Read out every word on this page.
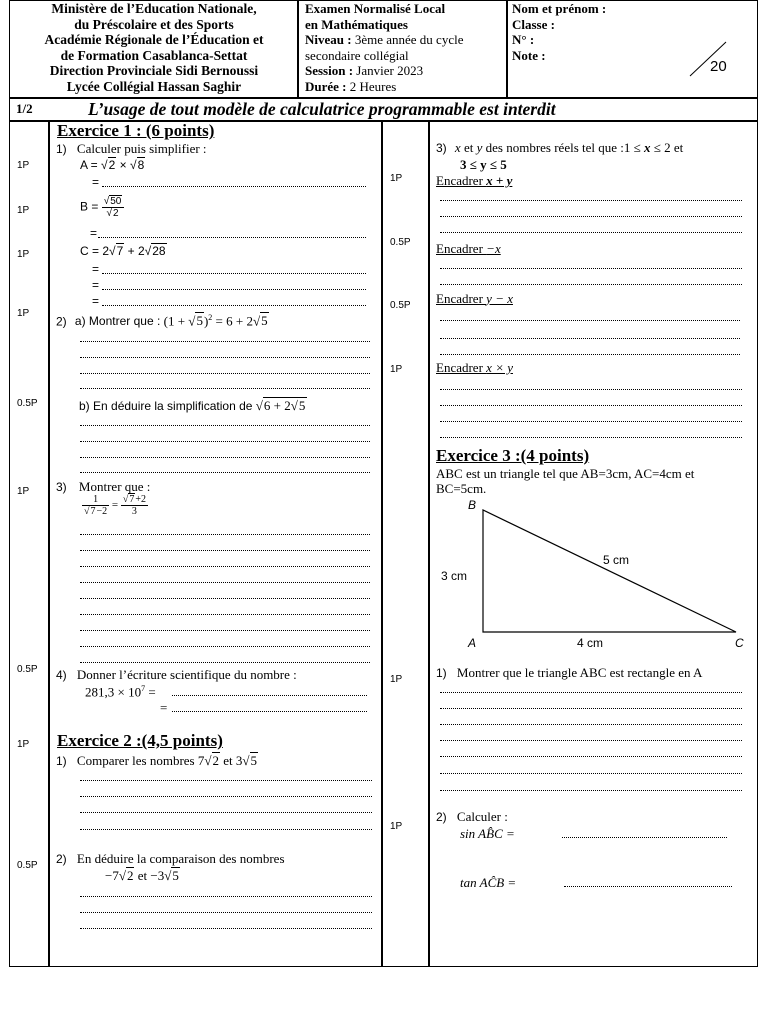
Ministère de l’Education Nationale,
du Préscolaire et des Sports
Académie Régionale de l’Éducation et
de Formation Casablanca-Settat
Direction Provinciale Sidi Bernoussi
Lycée Collégial Hassan Saghir
Examen Normalisé Local
en Mathématiques
Niveau : 3ème année du cycle
secondaire collégial
Session : Janvier 2023
Durée : 2 Heures
Nom et prénom :
Classe :
N° :
Note :
20
1/2	L’usage de tout modèle de calculatrice programmable est interdit
1P
1P
1P
1P
0.5P
1P
0.5P
1P
0.5P
1P
0.5P
0.5P
1P
1P
1P
Exercice 1 : (6 points)
1) Calculer puis simplifier :
A = √2 × √8
=
$B = \frac{√50}{√2}$
=
C = 2√7 + 2√28
=
=
=
2) a) Montrer que : $(1 + √5)^2 = 6 + 2√5$
b) En déduire la simplification de √6 + 2√5
3) Montrer que :
$\frac{1}{√7-2} = \frac{√7+2}{3}$
4) Donner l’écriture scientifique du nombre :
$281,3 \times 10^7$ =
=
Exercice 2 :(4,5 points)
1) Comparer les nombres 7√2 et 3√5
2) En déduire la comparaison des nombres
−7√2 et −3√5
3) x et y des nombres réels tel que :1 ≤ x ≤ 2 et
3 ≤ y ≤ 5
Encadrer x + y
Encadrer −x
Encadrer y − x
Encadrer x × y
Exercice 3 :(4 points)
ABC est un triangle tel que AB=3cm, AC=4cm et
BC=5cm.
B
A	C
3 cm
5 cm
4 cm
1) Montrer que le triangle ABC est rectangle en A
2) Calculer :
sin AB̂C =
tan AĈB =
